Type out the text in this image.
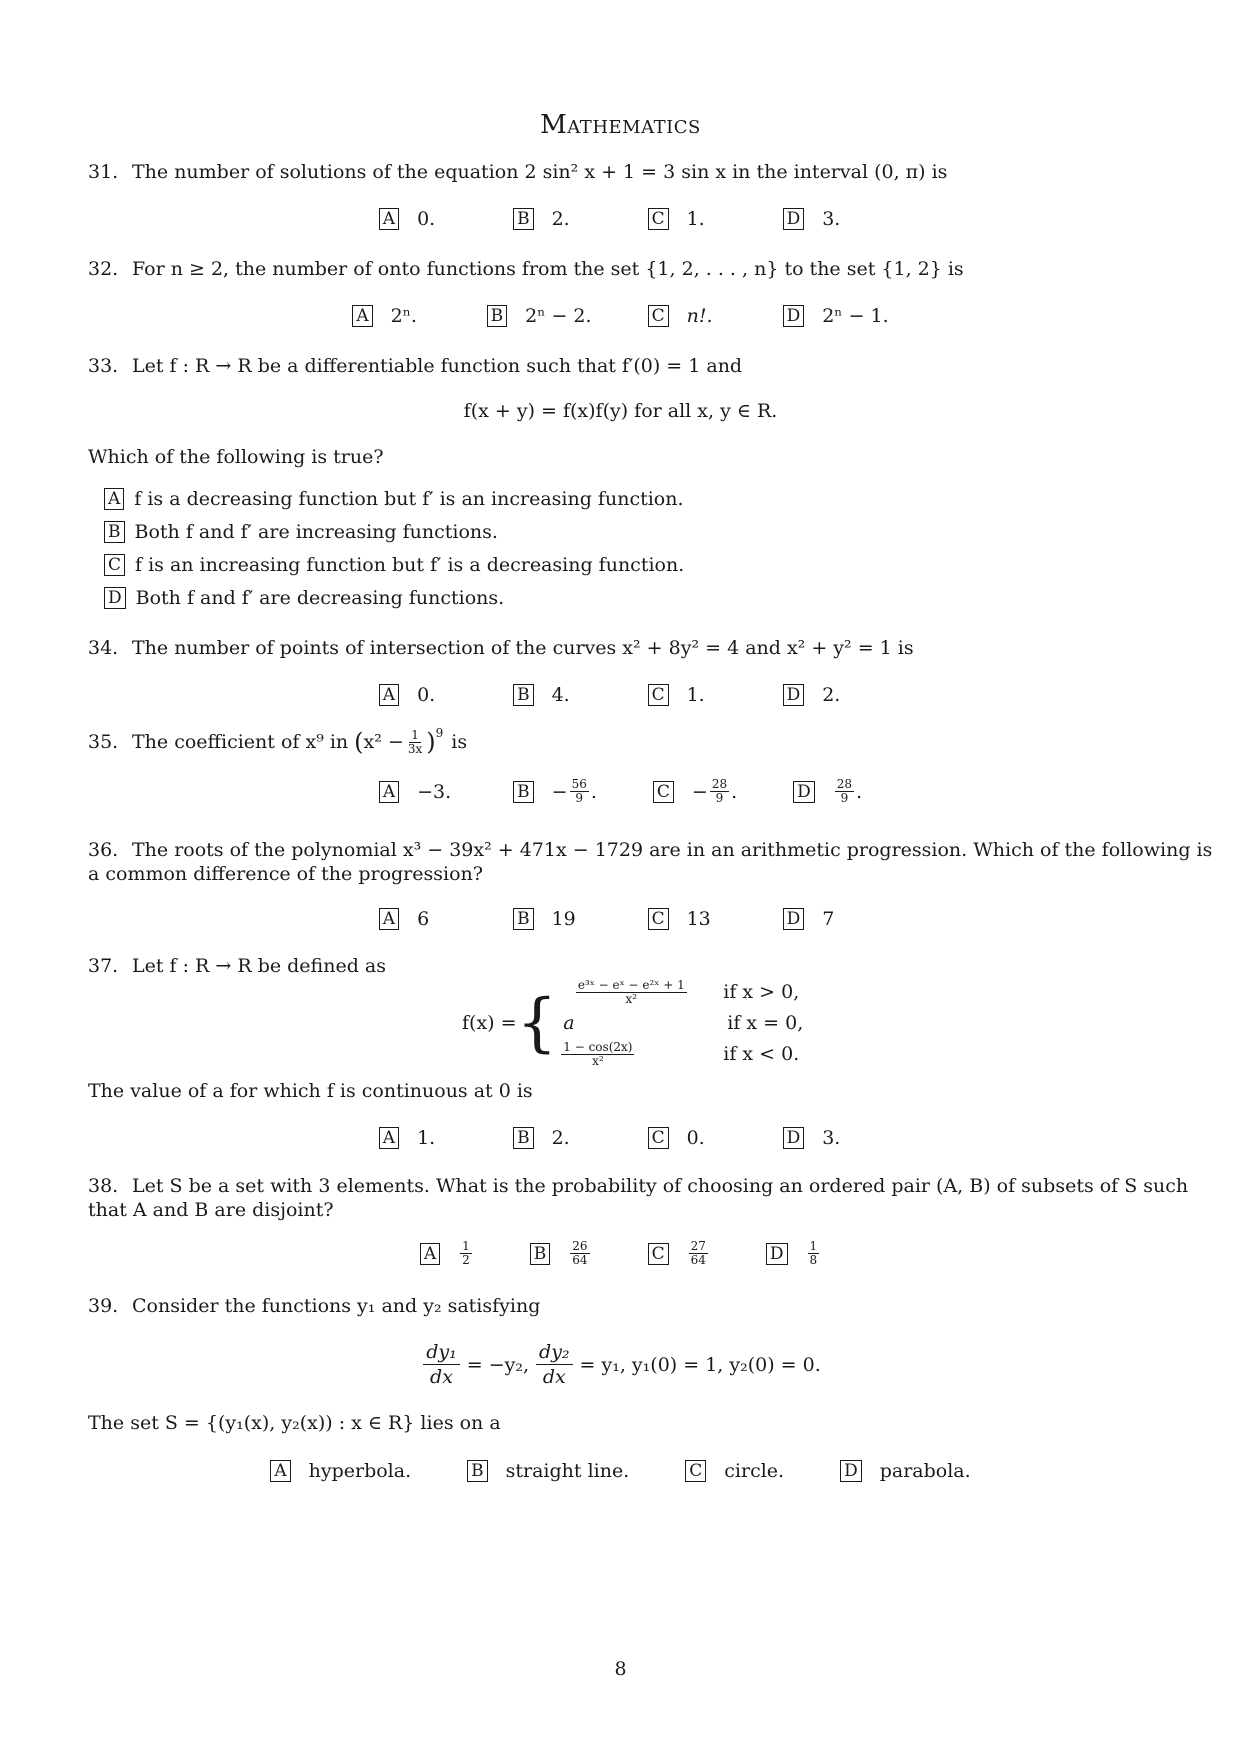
Mathematics
31. The number of solutions of the equation 2 sin² x + 1 = 3 sin x in the interval (0, π) is
A 0.	B 2.	C 1.	D 3.
32. For n ≥ 2, the number of onto functions from the set {1, 2, . . . , n} to the set {1, 2} is
A 2ⁿ.	B 2ⁿ − 2.	C n!.	D 2ⁿ − 1.
33. Let f : R → R be a differentiable function such that f′(0) = 1 and
f(x + y) = f(x)f(y) for all x, y ∈ R.
Which of the following is true?
A f is a decreasing function but f′ is an increasing function.
B Both f and f′ are increasing functions.
C f is an increasing function but f′ is a decreasing function.
D Both f and f′ are decreasing functions.
34. The number of points of intersection of the curves x² + 8y² = 4 and x² + y² = 1 is
A 0.	B 4.	C 1.	D 2.
35. The coefficient of x⁹ in ( $x^2 - \frac{1}{3x}$ ) 9 is
A −3.	$B - \frac{56}{9}$ .	$C - \frac{28}{9}$ .	D	$\frac{28}{9}$ .
36. The roots of the polynomial x³ − 39x² + 471x − 1729 are in an arithmetic progression. Which of the following is
a common difference of the progression?
A 6	B 19	C 13	D 7
37. Let f : R → R be defined as
f(x) = { $\frac{\text{e³ˣ − eˣ − e²ˣ + 1}}{\text{x²}}$ if x > 0,
a	if x = 0,
$\frac{1 - \cos(2x)}{\text{x²}}$	if x < 0.
The value of a for which f is continuous at 0 is
A 1.	B 2.	C 0.	D 3.
38. Let S be a set with 3 elements. What is the probability of choosing an ordered pair (A, B) of subsets of S such
that A and B are disjoint?
A	$\frac{1}{2}$	B	$\frac{26}{64}$	C	$\frac{27}{64}$	D	$\frac{1}{8}$
39. Consider the functions y₁ and y₂ satisfying
$\frac{\text{dy₁}}{dx} = -y_2$, $\frac{\text{dy₂}}{dx} = y_1$, y₁(0) = 1, y₂(0) = 0.
The set S = {(y₁(x), y₂(x)) : x ∈ R} lies on a
A hyperbola.	B straight line.	C circle.	D parabola.
8
